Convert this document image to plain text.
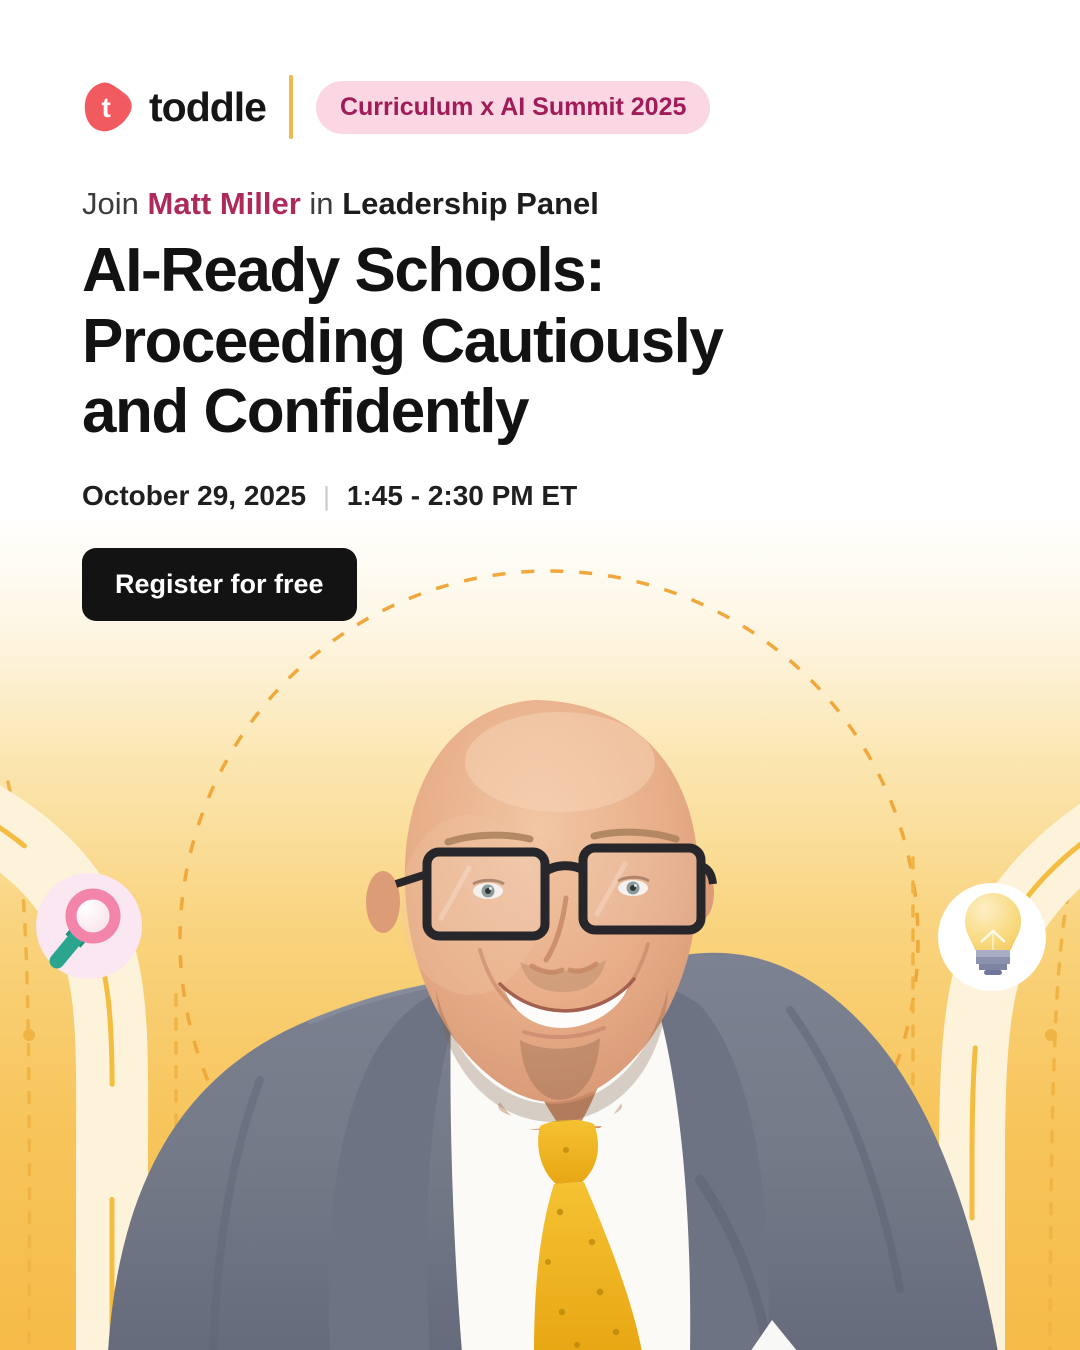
t toddle	Curriculum x AI Summit 2025
Join Matt Miller in Leadership Panel
AI-Ready Schools:
Proceeding Cautiously
and Confidently
October 29, 2025 | 1:45 - 2:30 PM ET
Register for free
